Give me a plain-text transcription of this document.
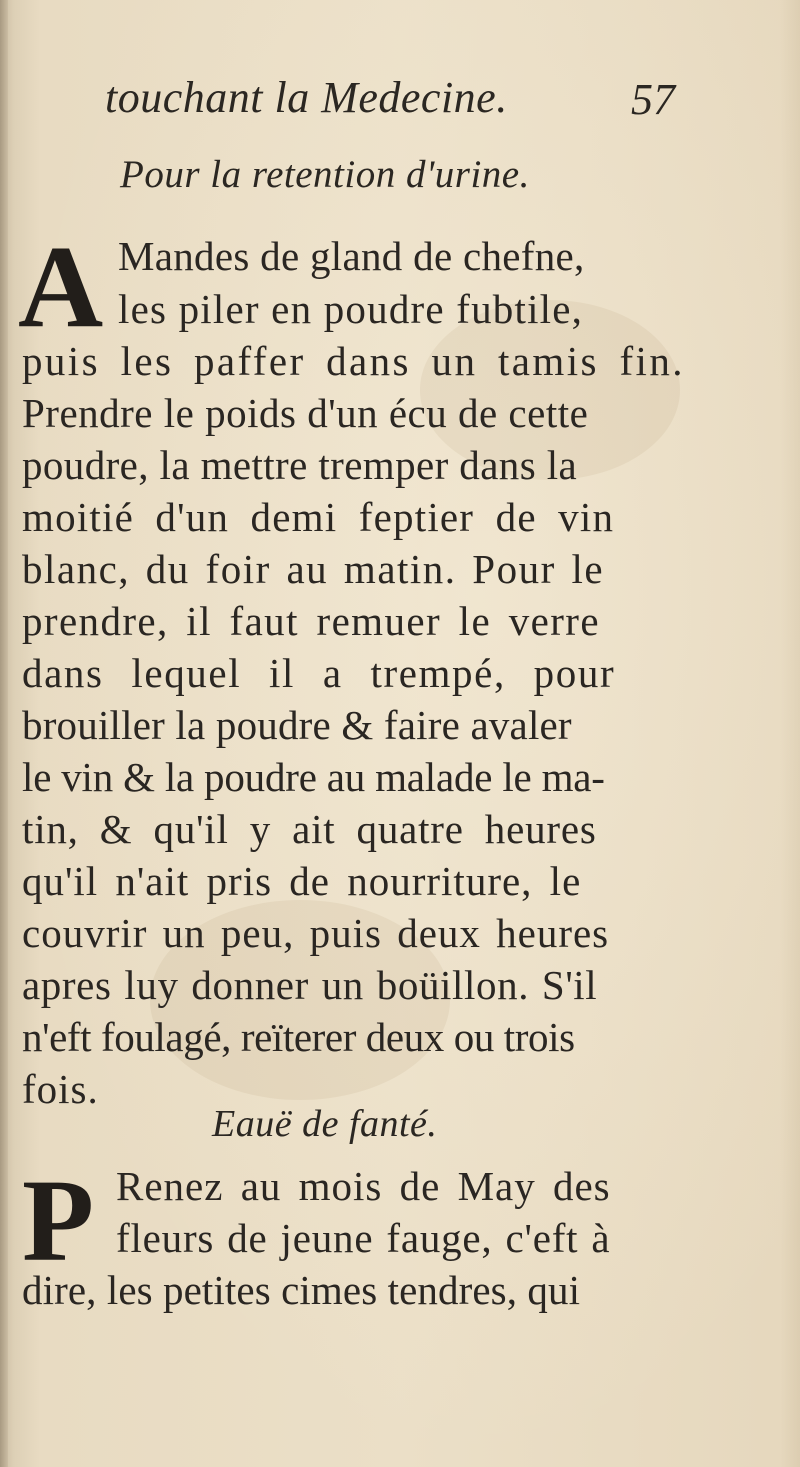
touchant la Medecine.	57
Pour la retention d'urine.
A Mandes de gland de chefne,
les piler en poudre fubtile,
puis les paffer dans un tamis fin.
Prendre le poids d'un écu de cette
poudre, la mettre tremper dans la
moitié d'un demi feptier de vin
blanc, du foir au matin. Pour le
prendre, il faut remuer le verre
dans lequel il a trempé, pour
brouiller la poudre & faire avaler
le vin & la poudre au malade le ma-
tin, & qu'il y ait quatre heures
qu'il n'ait pris de nourriture, le
couvrir un peu, puis deux heures
apres luy donner un boüillon. S'il
n'eft foulagé, reïterer deux ou trois
fois.
Eauë de fanté.
P Renez au mois de May des
fleurs de jeune fauge, c'eft à
dire, les petites cimes tendres, qui
